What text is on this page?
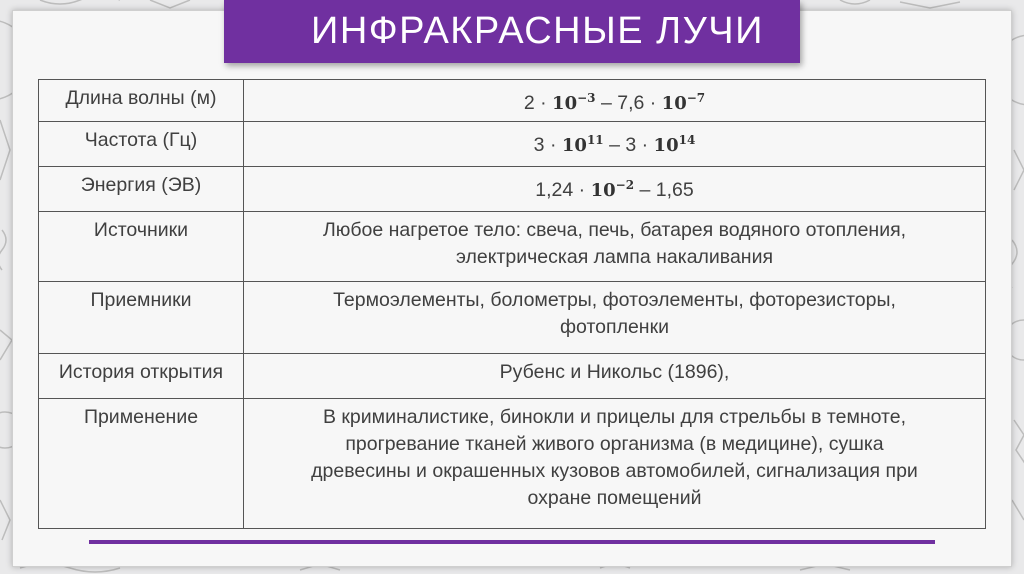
ИНФРАКРАСНЫЕ ЛУЧИ
Длина волны (м)	$2 \cdot 10^{-3} - 7,6 \cdot 10^{-7}$
Частота (Гц)	$3 \cdot 10^{11} - 3 \cdot 10^{14}$
Энергия (ЭВ)	$1,24 \cdot 10^{-2} - 1,65$
Источники	Любое нагретое тело: свеча, печь, батарея водяного отопления,
электрическая лампа накаливания

Приемники	Термоэлементы, болометры, фотоэлементы, фоторезисторы,
фотопленки

История открытия	Рубенс и Никольс (1896),

Применение	В криминалистике, бинокли и прицелы для стрельбы в темноте,
прогревание тканей живого организма (в медицине), сушка
древесины и окрашенных кузовов автомобилей, сигнализация при
охране помещений
